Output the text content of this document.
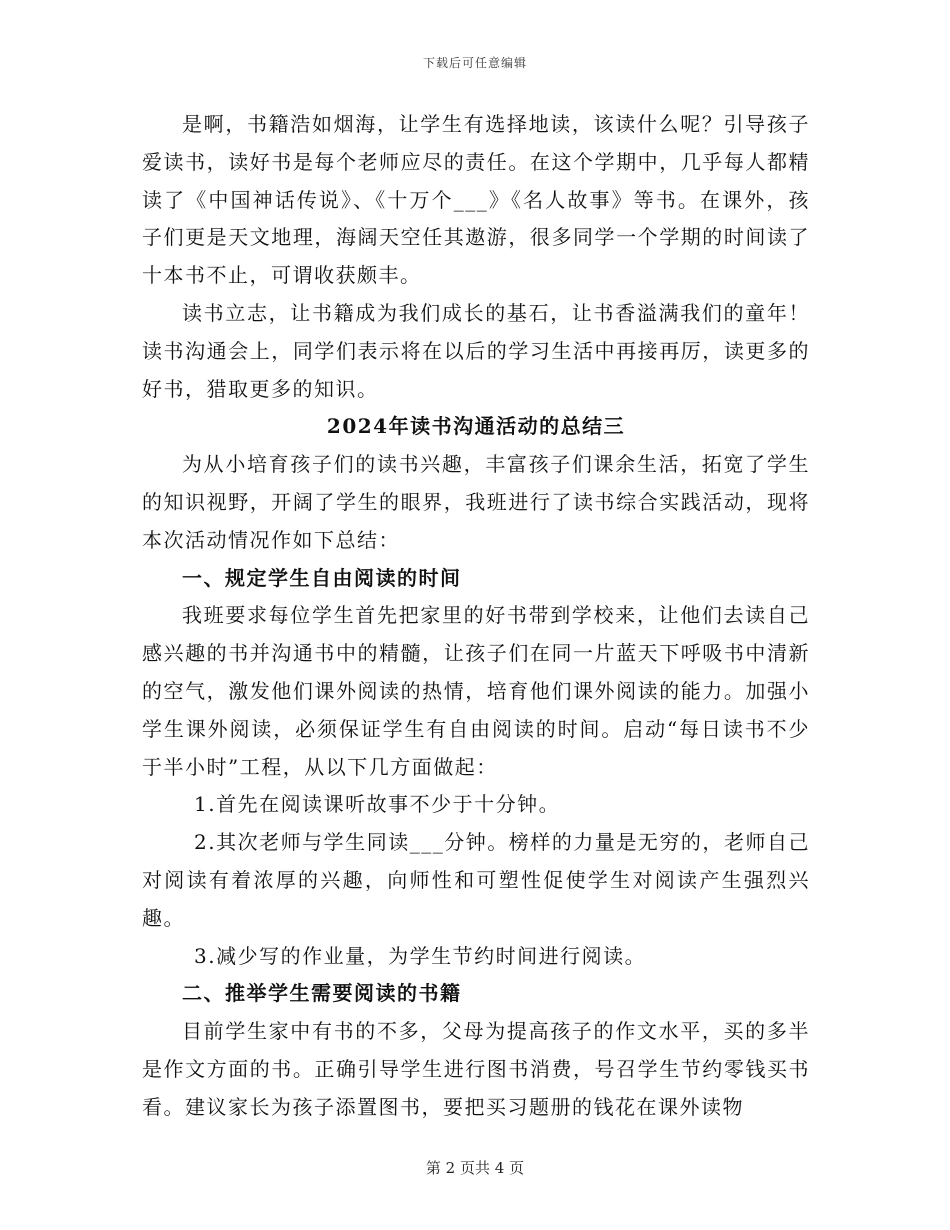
下载后可任意编辑

是啊，书籍浩如烟海，让学生有选择地读，该读什么呢？引导孩子爱读书，读好书是每个老师应尽的责任。在这个学期中，几乎每人都精读了《中国神话传说》、《十万个___》《名人故事》等书。在课外，孩子们更是天文地理，海阔天空任其遨游，很多同学一个学期的时间读了十本书不止，可谓收获颇丰。

读书立志，让书籍成为我们成长的基石，让书香溢满我们的童年！读书沟通会上，同学们表示将在以后的学习生活中再接再厉，读更多的好书，猎取更多的知识。

2024年读书沟通活动的总结三

为从小培育孩子们的读书兴趣，丰富孩子们课余生活，拓宽了学生的知识视野，开阔了学生的眼界，我班进行了读书综合实践活动，现将本次活动情况作如下总结：

一、规定学生自由阅读的时间

我班要求每位学生首先把家里的好书带到学校来，让他们去读自己感兴趣的书并沟通书中的精髓，让孩子们在同一片蓝天下呼吸书中清新的空气，激发他们课外阅读的热情，培育他们课外阅读的能力。加强小学生课外阅读，必须保证学生有自由阅读的时间。启动“每日读书不少于半小时”工程，从以下几方面做起：

1.首先在阅读课听故事不少于十分钟。

2.其次老师与学生同读___分钟。榜样的力量是无穷的，老师自己对阅读有着浓厚的兴趣，向师性和可塑性促使学生对阅读产生强烈兴趣。

3.减少写的作业量，为学生节约时间进行阅读。

二、推举学生需要阅读的书籍

目前学生家中有书的不多，父母为提高孩子的作文水平，买的多半是作文方面的书。正确引导学生进行图书消费，号召学生节约零钱买书看。建议家长为孩子添置图书，要把买习题册的钱花在课外读物

第 2 页共 4 页
